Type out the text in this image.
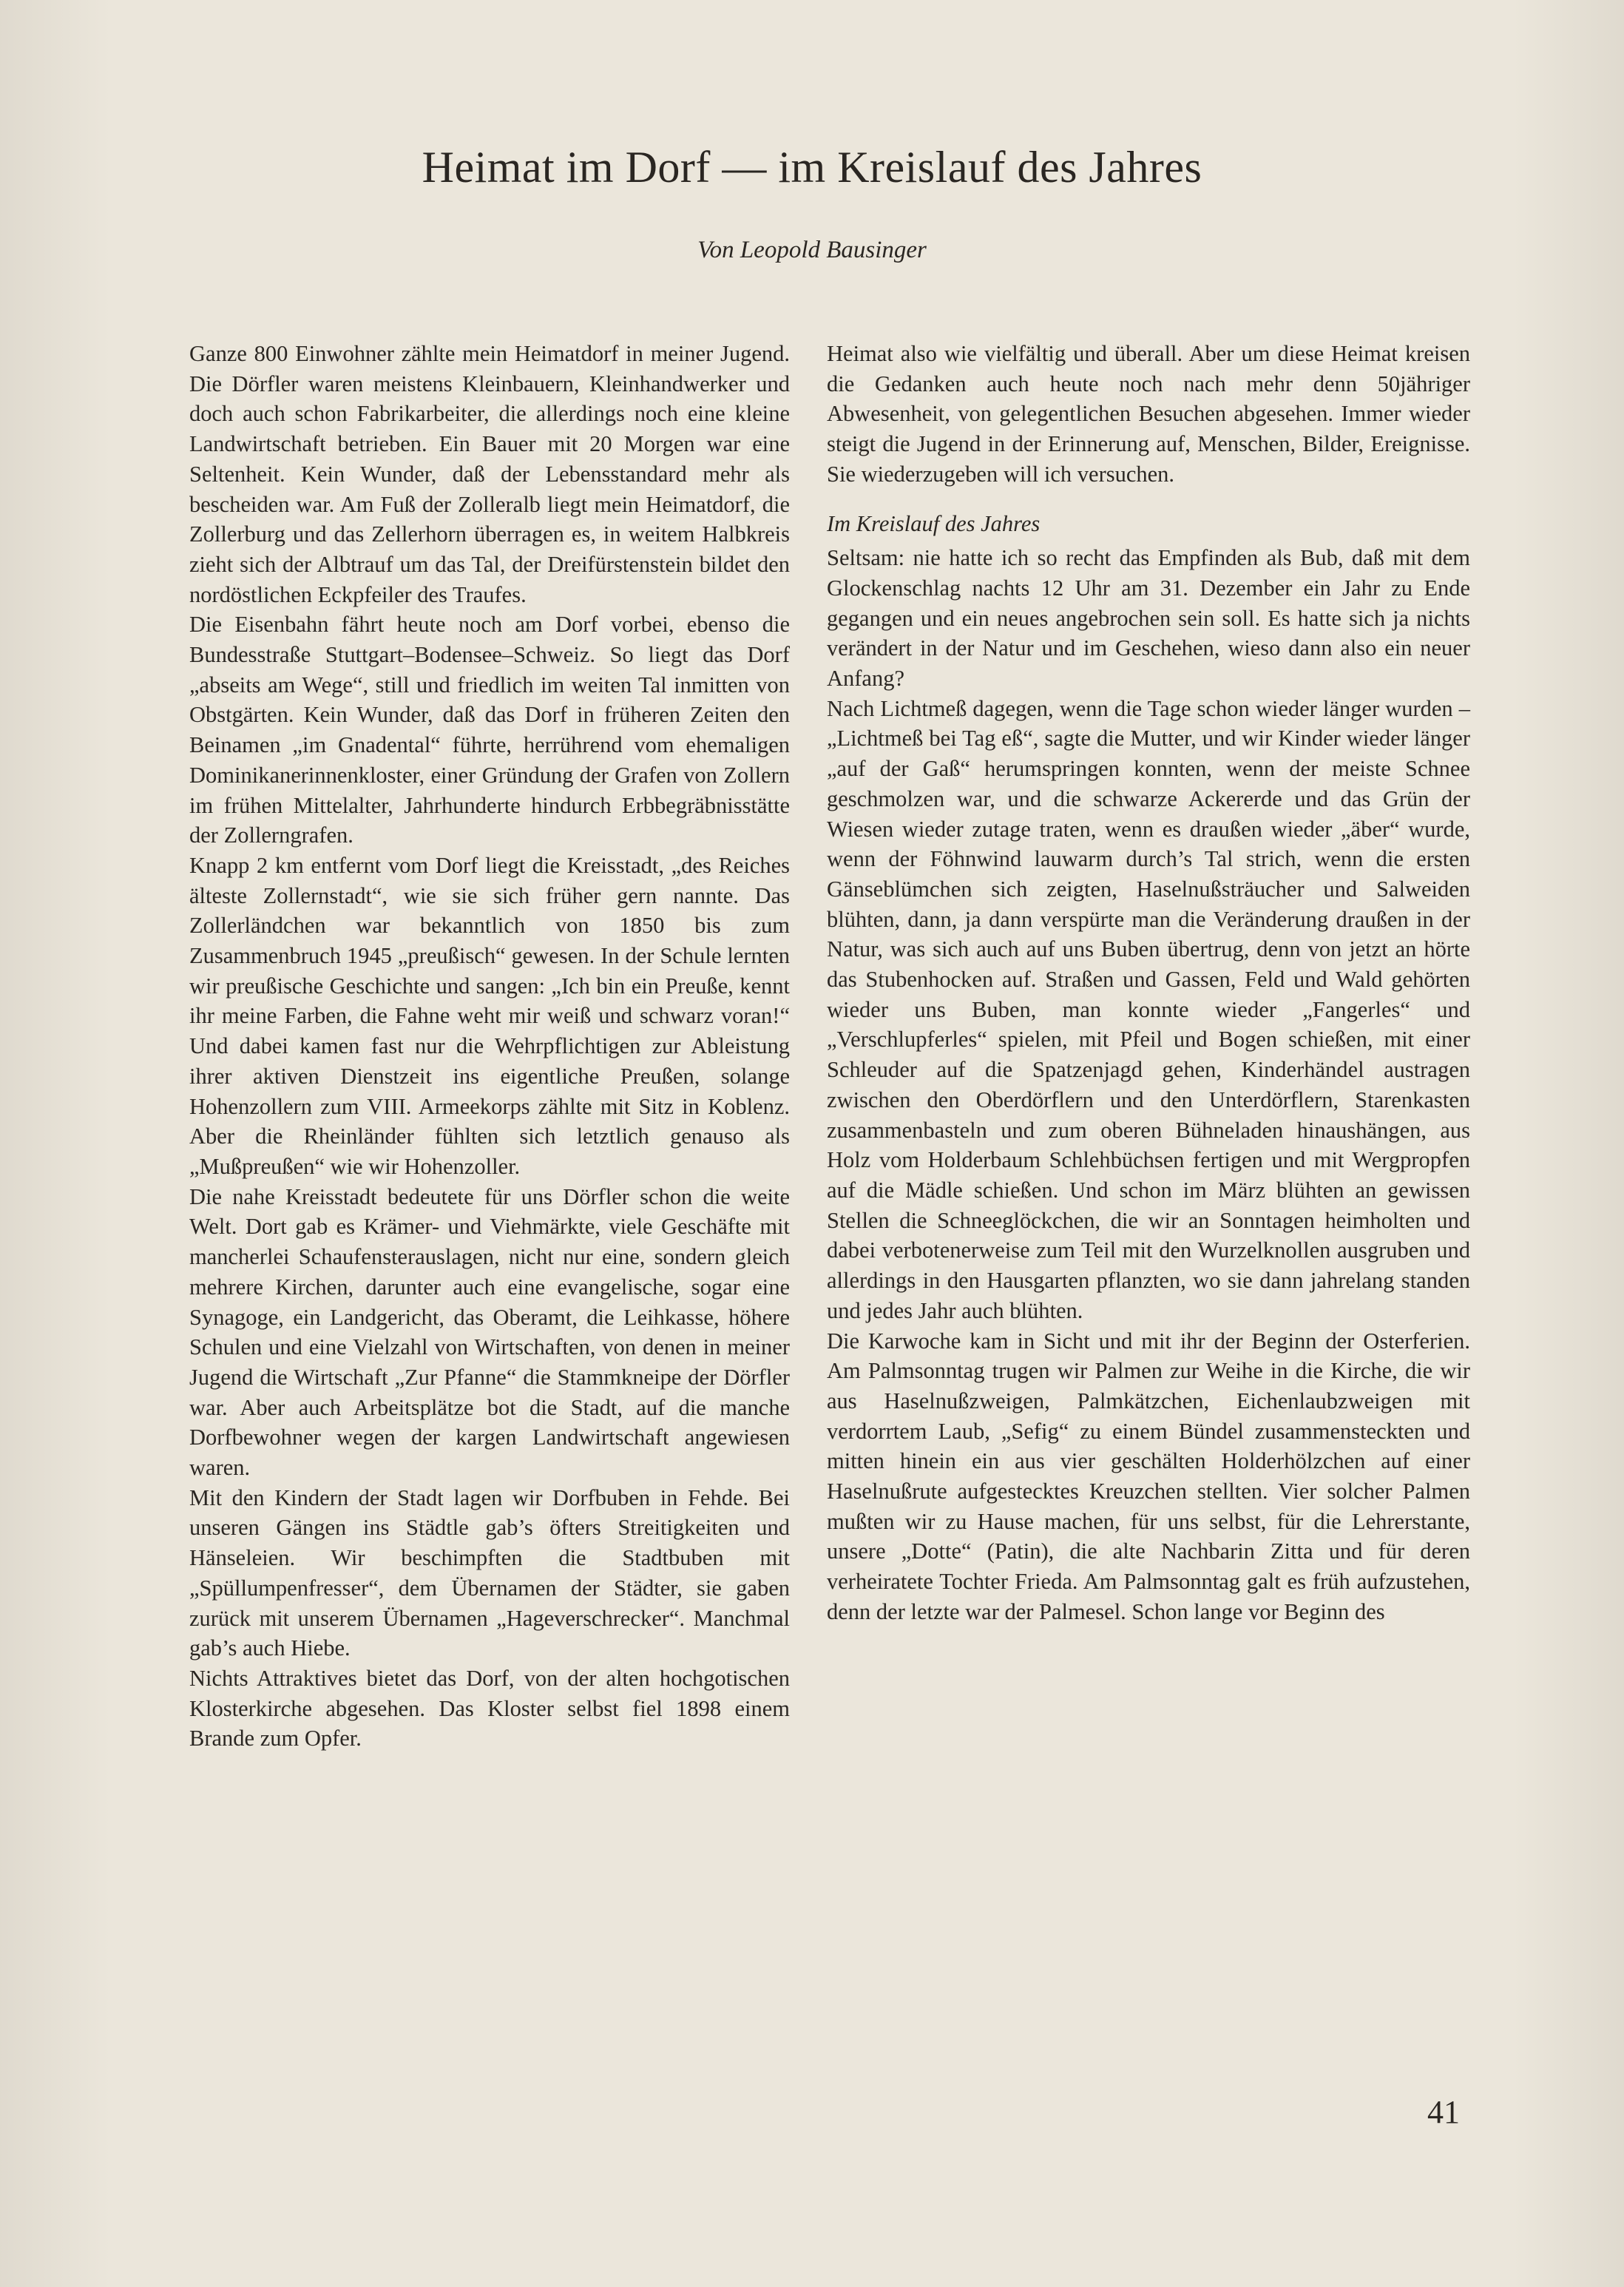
Heimat im Dorf — im Kreislauf des Jahres
Von Leopold Bausinger

Ganze 800 Einwohner zählte mein Heimatdorf in meiner Jugend. Die Dörfler waren meistens Kleinbauern, Kleinhandwerker und doch auch schon Fabrikarbeiter, die allerdings noch eine kleine Landwirtschaft betrieben. Ein Bauer mit 20 Morgen war eine Seltenheit. Kein Wunder, daß der Lebensstandard mehr als bescheiden war. Am Fuß der Zolleralb liegt mein Heimatdorf, die Zollerburg und das Zellerhorn überragen es, in weitem Halbkreis zieht sich der Albtrauf um das Tal, der Dreifürstenstein bildet den nordöstlichen Eckpfeiler des Traufes.

Die Eisenbahn fährt heute noch am Dorf vorbei, ebenso die Bundesstraße Stuttgart–Bodensee–Schweiz. So liegt das Dorf „abseits am Wege“, still und friedlich im weiten Tal inmitten von Obstgärten. Kein Wunder, daß das Dorf in früheren Zeiten den Beinamen „im Gnadental“ führte, herrührend vom ehemaligen Dominikanerinnenkloster, einer Gründung der Grafen von Zollern im frühen Mittelalter, Jahrhunderte hindurch Erbbegräbnisstätte der Zollerngrafen.

Knapp 2 km entfernt vom Dorf liegt die Kreisstadt, „des Reiches älteste Zollernstadt“, wie sie sich früher gern nannte. Das Zollerländchen war bekanntlich von 1850 bis zum Zusammenbruch 1945 „preußisch“ gewesen. In der Schule lernten wir preußische Geschichte und sangen: „Ich bin ein Preuße, kennt ihr meine Farben, die Fahne weht mir weiß und schwarz voran!“ Und dabei kamen fast nur die Wehrpflichtigen zur Ableistung ihrer aktiven Dienstzeit ins eigentliche Preußen, solange Hohenzollern zum VIII. Armeekorps zählte mit Sitz in Koblenz. Aber die Rheinländer fühlten sich letztlich genauso als „Mußpreußen“ wie wir Hohenzoller.

Die nahe Kreisstadt bedeutete für uns Dörfler schon die weite Welt. Dort gab es Krämer- und Viehmärkte, viele Geschäfte mit mancherlei Schaufensterauslagen, nicht nur eine, sondern gleich mehrere Kirchen, darunter auch eine evangelische, sogar eine Synagoge, ein Landgericht, das Oberamt, die Leihkasse, höhere Schulen und eine Vielzahl von Wirtschaften, von denen in meiner Jugend die Wirtschaft „Zur Pfanne“ die Stammkneipe der Dörfler war. Aber auch Arbeitsplätze bot die Stadt, auf die manche Dorfbewohner wegen der kargen Landwirtschaft angewiesen waren.

Mit den Kindern der Stadt lagen wir Dorfbuben in Fehde. Bei unseren Gängen ins Städtle gab’s öfters Streitigkeiten und Hänseleien. Wir beschimpften die Stadtbuben mit „Spüllumpenfresser“, dem Übernamen der Städter, sie gaben zurück mit unserem Übernamen „Hageverschrecker“. Manchmal gab’s auch Hiebe.

Nichts Attraktives bietet das Dorf, von der alten hochgotischen Klosterkirche abgesehen. Das Kloster selbst fiel 1898 einem Brande zum Opfer.

Heimat also wie vielfältig und überall. Aber um diese Heimat kreisen die Gedanken auch heute noch nach mehr denn 50jähriger Abwesenheit, von gelegentlichen Besuchen abgesehen. Immer wieder steigt die Jugend in der Erinnerung auf, Menschen, Bilder, Ereignisse. Sie wiederzugeben will ich versuchen.

Im Kreislauf des Jahres

Seltsam: nie hatte ich so recht das Empfinden als Bub, daß mit dem Glockenschlag nachts 12 Uhr am 31. Dezember ein Jahr zu Ende gegangen und ein neues angebrochen sein soll. Es hatte sich ja nichts verändert in der Natur und im Geschehen, wieso dann also ein neuer Anfang?

Nach Lichtmeß dagegen, wenn die Tage schon wieder länger wurden – „Lichtmeß bei Tag eß“, sagte die Mutter, und wir Kinder wieder länger „auf der Gaß“ herumspringen konnten, wenn der meiste Schnee geschmolzen war, und die schwarze Ackererde und das Grün der Wiesen wieder zutage traten, wenn es draußen wieder „äber“ wurde, wenn der Föhnwind lauwarm durch’s Tal strich, wenn die ersten Gänseblümchen sich zeigten, Haselnußsträucher und Salweiden blühten, dann, ja dann verspürte man die Veränderung draußen in der Natur, was sich auch auf uns Buben übertrug, denn von jetzt an hörte das Stubenhocken auf. Straßen und Gassen, Feld und Wald gehörten wieder uns Buben, man konnte wieder „Fangerles“ und „Verschlupferles“ spielen, mit Pfeil und Bogen schießen, mit einer Schleuder auf die Spatzenjagd gehen, Kinderhändel austragen zwischen den Oberdörflern und den Unterdörflern, Starenkasten zusammenbasteln und zum oberen Bühneladen hinaushängen, aus Holz vom Holderbaum Schlehbüchsen fertigen und mit Wergpropfen auf die Mädle schießen. Und schon im März blühten an gewissen Stellen die Schneeglöckchen, die wir an Sonntagen heimholten und dabei verbotenerweise zum Teil mit den Wurzelknollen ausgruben und allerdings in den Hausgarten pflanzten, wo sie dann jahrelang standen und jedes Jahr auch blühten.

Die Karwoche kam in Sicht und mit ihr der Beginn der Osterferien. Am Palmsonntag trugen wir Palmen zur Weihe in die Kirche, die wir aus Haselnußzweigen, Palmkätzchen, Eichenlaubzweigen mit verdorrtem Laub, „Sefig“ zu einem Bündel zusammensteckten und mitten hinein ein aus vier geschälten Holderhölzchen auf einer Haselnußrute aufgestecktes Kreuzchen stellten. Vier solcher Palmen mußten wir zu Hause machen, für uns selbst, für die Lehrerstante, unsere „Dotte“ (Patin), die alte Nachbarin Zitta und für deren verheiratete Tochter Frieda. Am Palmsonntag galt es früh aufzustehen, denn der letzte war der Palmesel. Schon lange vor Beginn des

41
